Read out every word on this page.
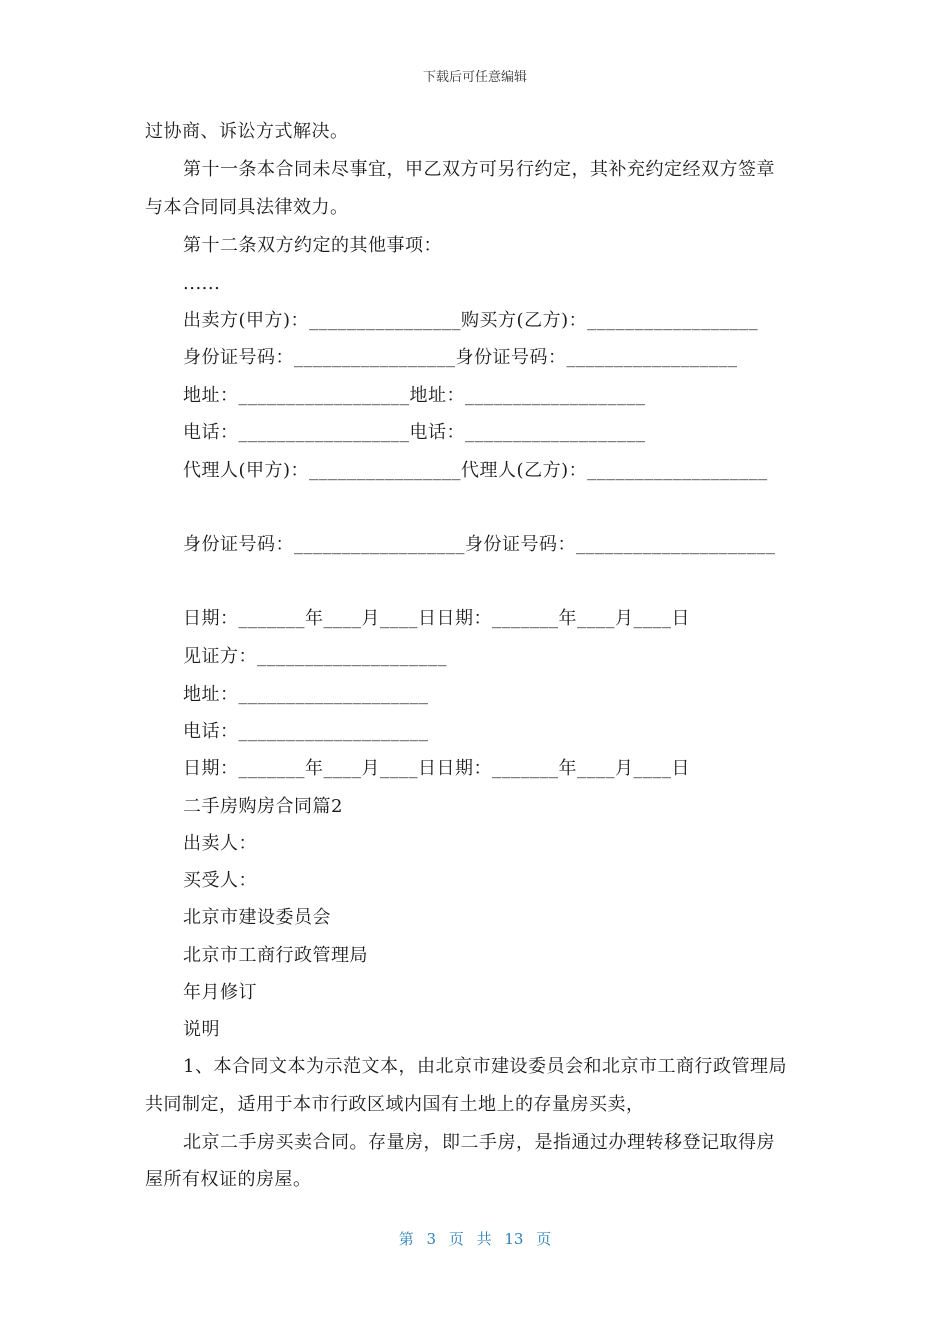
下载后可任意编辑
过协商、诉讼方式解决。
第十一条本合同未尽事宜，甲乙双方可另行约定，其补充约定经双方签章
与本合同同具法律效力。
第十二条双方约定的其他事项：
......
出卖方(甲方)：________________购买方(乙方)：__________________
身份证号码：_________________身份证号码：__________________
地址：__________________地址：___________________
电话：__________________电话：___________________
代理人(甲方)：________________代理人(乙方)：___________________
身份证号码：__________________身份证号码：_____________________
日期：_______年____月____日日期：_______年____月____日
见证方：____________________
地址：____________________
电话：____________________
日期：_______年____月____日日期：_______年____月____日
二手房购房合同篇2
出卖人：
买受人：
北京市建设委员会
北京市工商行政管理局
年月修订
说明
1、本合同文本为示范文本，由北京市建设委员会和北京市工商行政管理局
共同制定，适用于本市行政区域内国有土地上的存量房买卖，
北京二手房买卖合同。存量房，即二手房，是指通过办理转移登记取得房
屋所有权证的房屋。
第 3 页 共 13 页
